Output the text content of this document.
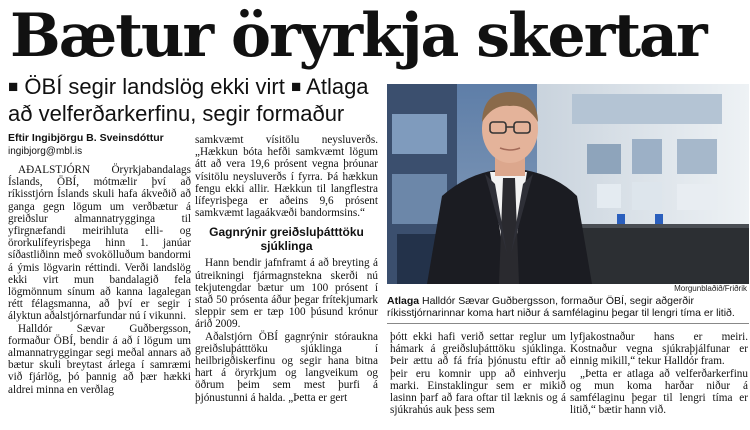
Bætur öryrkja skertar
■ ÖBÍ segir landslög ekki virt ■ Atlaga að velferðarkerfinu, segir formaður
Eftir Ingibjörgu B. Sveinsdóttur
ingibjorg@mbl.is

AÐALSTJÓRN Öryrkjabandalags Íslands, ÖBÍ, mótmælir því að ríkisstjórn Íslands skuli hafa ákveðið að ganga gegn lögum um verðbætur á greiðslur almannatrygginga til yfirgnæfandi meirihluta elli- og örorkulífeyrisþega hinn 1. janúar síðastliðinn með svokölluðum bandormi á ýmis lögvarin réttindi. Verði landslög ekki virt mun bandalagið fela lögmönnum sínum að kanna lagalegan rétt félagsmanna, að því er segir í ályktun aðalstjórnarfundar nú í vikunni.

Halldór Sævar Guðbergsson, formaður ÖBÍ, bendir á að í lögum um almannatryggingar segi meðal annars að bætur skuli breytast árlega í samræmi við fjárlög, þó þannig að þær hækki aldrei minna en verðlag

samkvæmt vísitölu neysluverðs. „Hækkun bóta hefði samkvæmt lögum átt að vera 19,6 prósent vegna þróunar vísitölu neysluverðs í fyrra. Þá hækkun fengu ekki allir. Hækkun til langflestra lífeyrisþega er aðeins 9,6 prósent samkvæmt lagaákvæði bandormsins.“

Gagnrýnir greiðsluþátttöku sjúklinga

Hann bendir jafnframt á að breyting á útreikningi fjármagnstekna skerði nú tekjutengdar bætur um 100 prósent í stað 50 prósenta áður þegar frítekjumark sleppir sem er tæp 100 þúsund krónur árið 2009.

Aðalstjórn ÖBÍ gagnrýnir stóraukna greiðsluþátttöku sjúklinga í heilbrigðiskerfinu og segir hana bitna hart á öryrkjum og langveikum og öðrum þeim sem mest þurfi á þjónustunni á halda. „Þetta er gert

Morgunblaðið/Friðrik
Atlaga Halldór Sævar Guðbergsson, formaður ÖBÍ, segir aðgerðir ríkisstjórnarinnar koma hart niður á samfélaginu þegar til lengri tíma er litið.

þótt ekki hafi verið settar reglur um hámark á greiðsluþátttöku sjúklinga. Þeir ættu að fá fría þjónustu eftir að þeir eru komnir upp að einhverju marki. Einstaklingur sem er mikið lasinn þarf að fara oftar til læknis og á sjúkrahús auk þess sem

lyfjakostnaður hans er meiri. Kostnaður vegna sjúkraþjálfunar er einnig mikill,“ tekur Halldór fram.

„Þetta er atlaga að velferðarkerfinu og mun koma harðar niður á samfélaginu þegar til lengri tíma er litið,“ bætir hann við.
